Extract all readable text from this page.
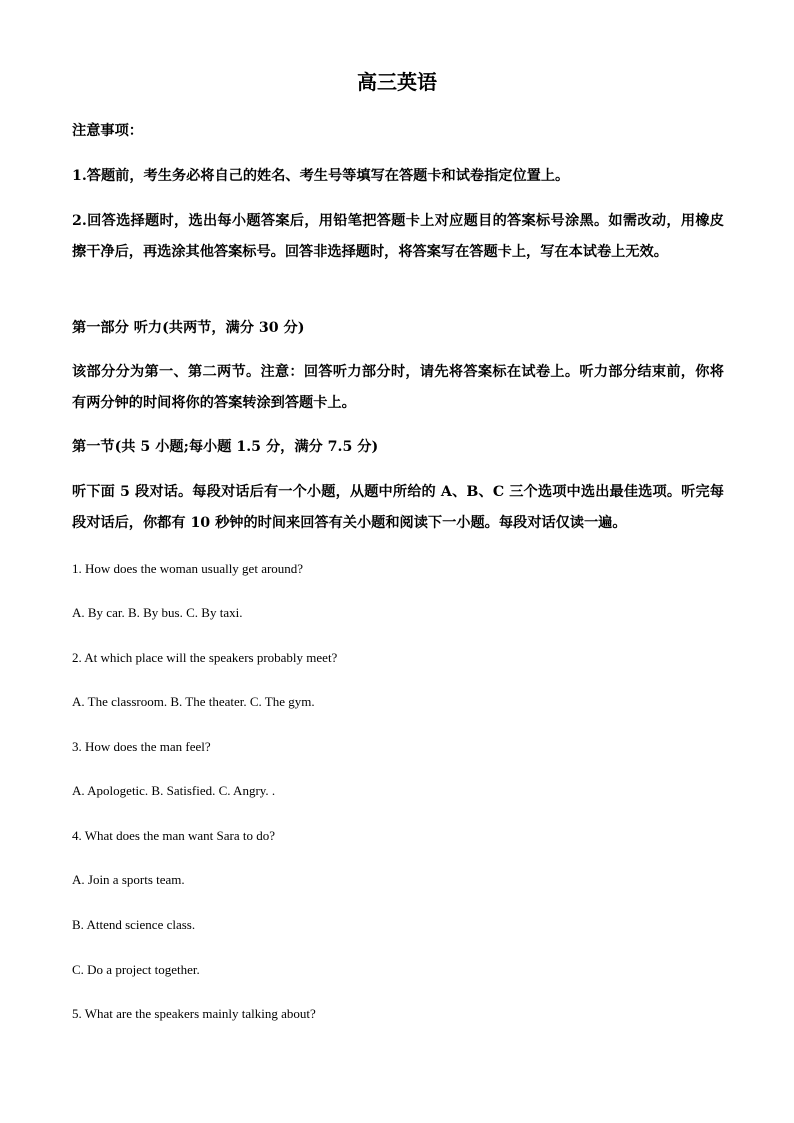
高三英语

注意事项：

1.答题前，考生务必将自己的姓名、考生号等填写在答题卡和试卷指定位置上。

2.回答选择题时，选出每小题答案后，用铅笔把答题卡上对应题目的答案标号涂黑。如需改动，用橡皮擦干净后，再选涂其他答案标号。回答非选择题时，将答案写在答题卡上，写在本试卷上无效。

第一部分 听力(共两节，满分 30 分)

该部分分为第一、第二两节。注意：回答听力部分时，请先将答案标在试卷上。听力部分结束前，你将有两分钟的时间将你的答案转涂到答题卡上。

第一节(共 5 小题;每小题 1.5 分，满分 7.5 分)

听下面 5 段对话。每段对话后有一个小题，从题中所给的 A、B、C 三个选项中选出最佳选项。听完每段对话后，你都有 10 秒钟的时间来回答有关小题和阅读下一小题。每段对话仅读一遍。

1. How does the woman usually get around?

A. By car. B. By bus. C. By taxi.

2. At which place will the speakers probably meet?

A. The classroom. B. The theater. C. The gym.

3. How does the man feel?

A. Apologetic. B. Satisfied. C. Angry. .

4. What does the man want Sara to do?

A. Join a sports team.

B. Attend science class.

C. Do a project together.

5. What are the speakers mainly talking about?
